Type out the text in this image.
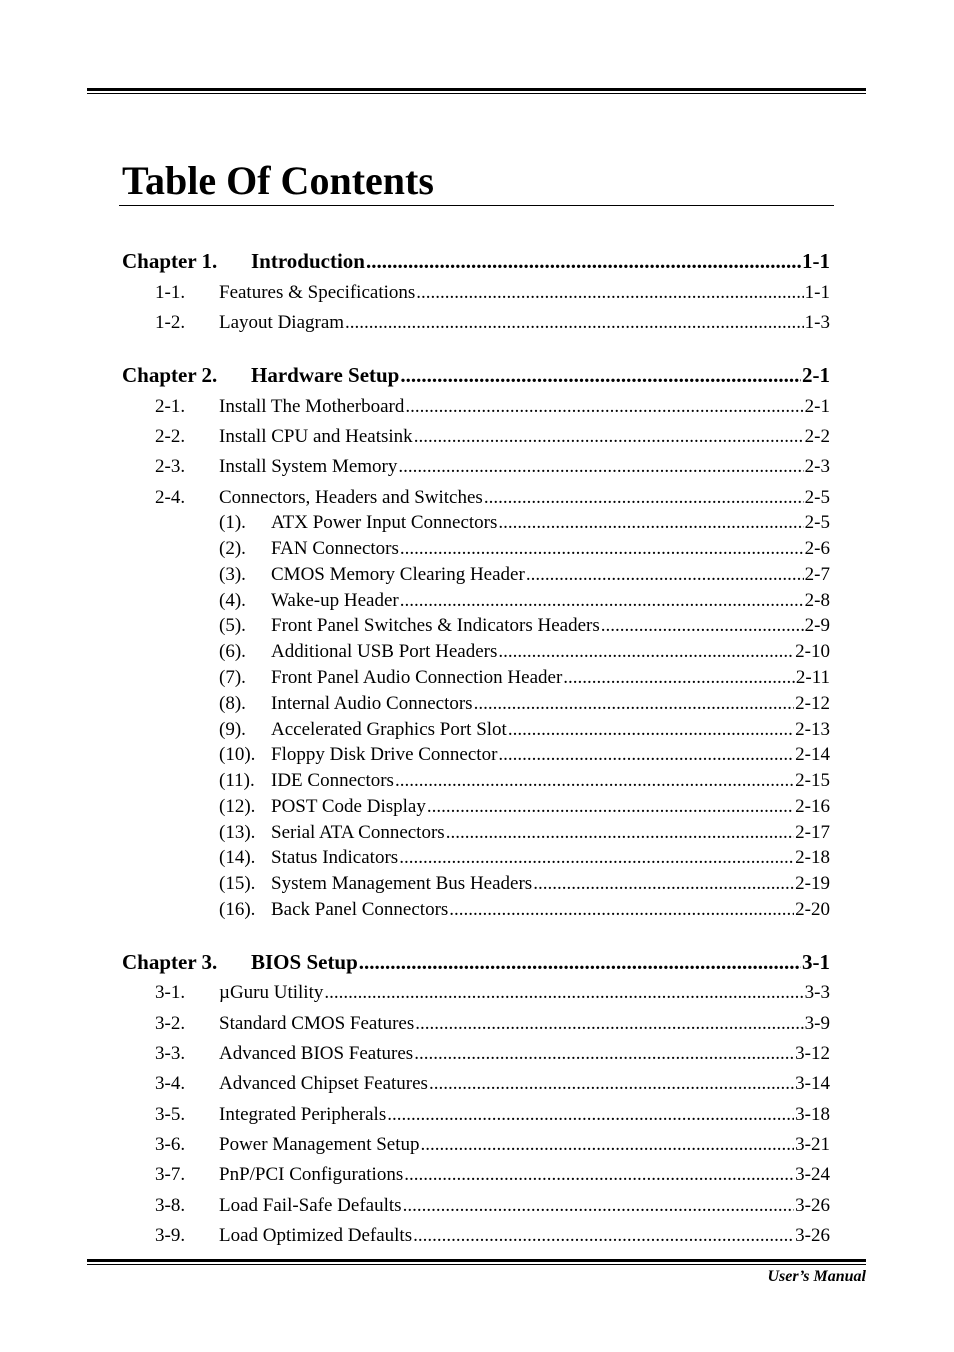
Table Of Contents
Chapter 1.	Introduction .....	1-1
1-1.	Features & Specifications .....	1-1
1-2.	Layout Diagram .....	1-3
Chapter 2.	Hardware Setup .....	2-1
2-1.	Install The Motherboard .....	2-1
2-2.	Install CPU and Heatsink .....	2-2
2-3.	Install System Memory .....	2-3
2-4.	Connectors, Headers and Switches .....	2-5
(1).	ATX Power Input Connectors .....	2-5
(2).	FAN Connectors .....	2-6
(3).	CMOS Memory Clearing Header .....	2-7
(4).	Wake-up Header .....	2-8
(5).	Front Panel Switches & Indicators Headers .....	2-9
(6).	Additional USB Port Headers .....	2-10
(7).	Front Panel Audio Connection Header .....	2-11
(8).	Internal Audio Connectors .....	2-12
(9).	Accelerated Graphics Port Slot .....	2-13
(10). Floppy Disk Drive Connector .....	2-14
(11). IDE Connectors .....	2-15
(12). POST Code Display .....	2-16
(13). Serial ATA Connectors .....	2-17
(14). Status Indicators .....	2-18
(15). System Management Bus Headers .....	2-19
(16). Back Panel Connectors .....	2-20
Chapter 3.	BIOS Setup .....	3-1
3-1.	µGuru Utility .....	3-3
3-2.	Standard CMOS Features .....	3-9
3-3.	Advanced BIOS Features .....	3-12
3-4.	Advanced Chipset Features .....	3-14
3-5.	Integrated Peripherals .....	3-18
3-6.	Power Management Setup .....	3-21
3-7.	PnP/PCI Configurations .....	3-24
3-8.	Load Fail-Safe Defaults .....	3-26
3-9.	Load Optimized Defaults .....	3-26
User’s Manual
